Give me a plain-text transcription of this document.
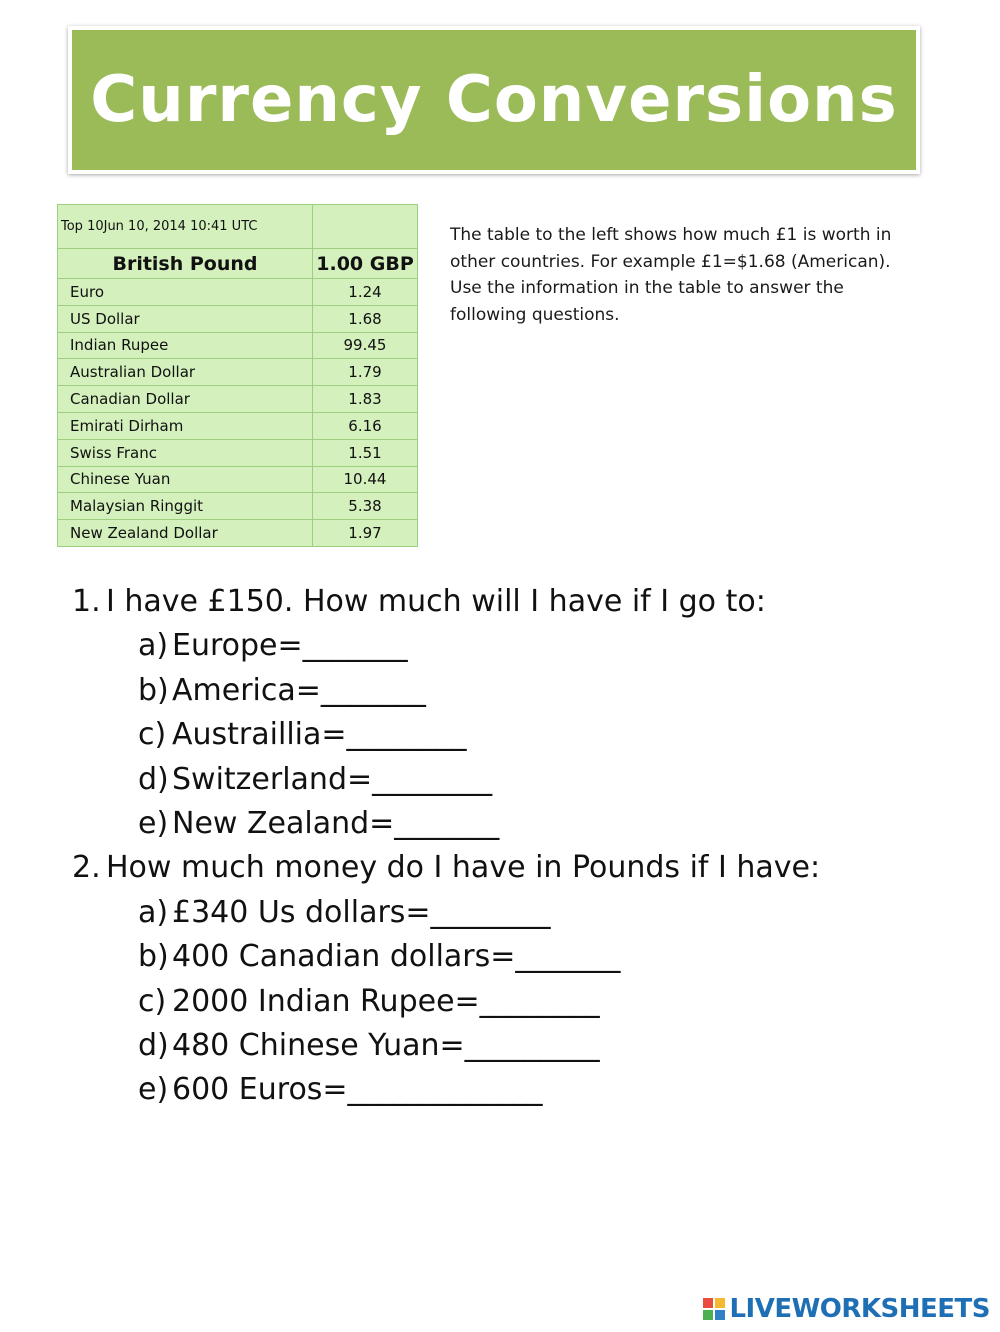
Currency Conversions
Top 10Jun 10, 2014 10:41 UTC	
British Pound	1.00 GBP
Euro	1.24
US Dollar	1.68
Indian Rupee	99.45
Australian Dollar	1.79
Canadian Dollar	1.83
Emirati Dirham	6.16
Swiss Franc	1.51
Chinese Yuan	10.44
Malaysian Ringgit	5.38
New Zealand Dollar	1.97
The table to the left shows how much £1 is worth in other countries. For example £1=$1.68 (American). Use the information in the table to answer the following questions.
1. I have £150. How much will I have if I go to:
a) Europe=_______
b) America=_______
c) Austraillia=________
d) Switzerland=________
e) New Zealand=_______
2. How much money do I have in Pounds if I have:
a) £340 Us dollars=________
b) 400 Canadian dollars=_______
c) 2000 Indian Rupee=________
d) 480 Chinese Yuan=_________
e) 600 Euros=_____________
LIVEWORKSHEETS
